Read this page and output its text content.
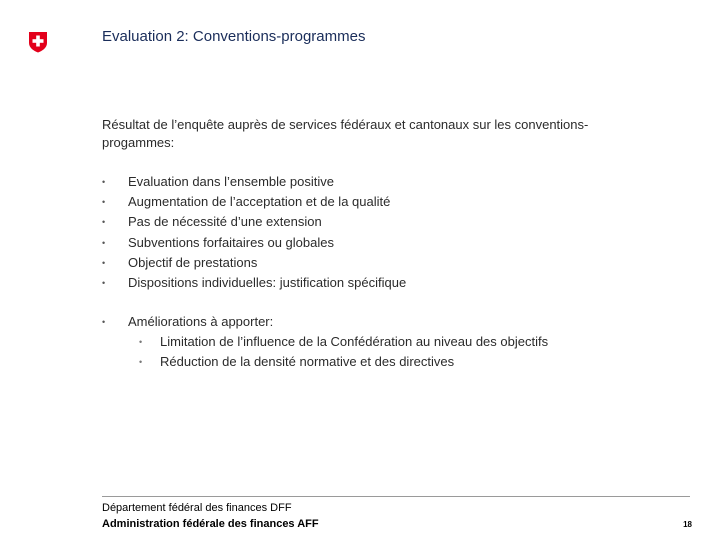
Evaluation 2: Conventions-programmes
Résultat de l’enquête auprès de services fédéraux et cantonaux sur les conventions-progammes:
• Evaluation dans l’ensemble positive
• Augmentation de l’acceptation et de la qualité
• Pas de nécessité d’une extension
• Subventions forfaitaires ou globales
• Objectif de prestations
• Dispositions individuelles: justification spécifique
• Améliorations à apporter:
• Limitation de l’influence de la Confédération au niveau des objectifs
• Réduction de la densité normative et des directives
Département fédéral des finances DFF
Administration fédérale des finances AFF	18
